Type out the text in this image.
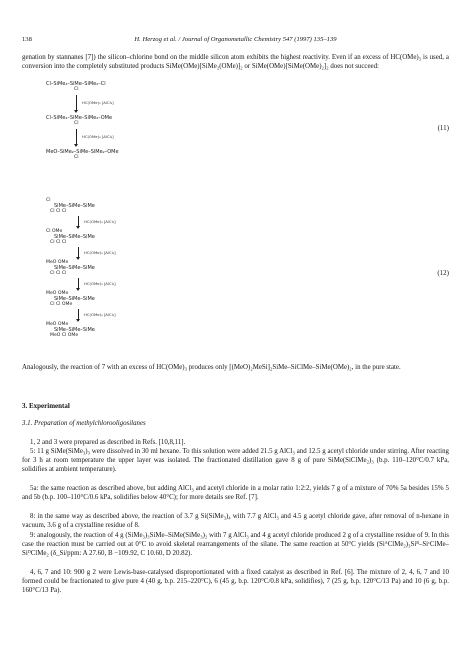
138	H. Herzog et al. / Journal of Organometallic Chemistry 547 (1997) 135–139

genation by stannanes [7]) the silicon–chlorine bond on the middle silicon atom exhibits the highest reactivity. Even if an excess of HC(OMe)₃ is used, a conversion into the completely substituted products SiMe(OMe)[SiMe₂(OMe)]₂ or SiMe(OMe)[SiMe(OMe)₂]₂ does not succeed:

Cl–SiMe₂–SiMe–SiMe₂–Cl
Cl
HC(OMe)₃ [AlCl₃]
Cl–SiMe₂–SiMe–SiMe₂–OMe
Cl
HC(OMe)₃ [AlCl₃]
MeO–SiMe₂–SiMe–SiMe₂–OMe
Cl
(11)
Cl
SiMe–SiMe–SiMe
Cl Cl Cl
HC(OMe)₃ [AlCl₃]
Cl OMe
SiMe–SiMe–SiMe
Cl Cl Cl
HC(OMe)₃ [AlCl₃]
MeO OMe
SiMe–SiMe–SiMe
Cl Cl Cl
HC(OMe)₃ [AlCl₃]
MeO OMe
SiMe–SiMe–SiMe
Cl Cl OMe
HC(OMe)₃ [AlCl₃]
MeO OMe
SiMe–SiMe–SiMe
MeO Cl OMe
(12)

Analogously, the reaction of 7 with an excess of HC(OMe)₃ produces only [(MeO)₂MeSi]₂SiMe–SiClMe–SiMe(OMe)₂, in the pure state.

3. Experimental
3.1. Preparation of methylchlorooligosilanes

1, 2 and 3 were prepared as described in Refs. [10,8,11].

5: 11 g SiMe(SiMe₃)₃ were dissolved in 30 ml hexane. To this solution were added 21.5 g AlCl₃ and 12.5 g acetyl chloride under stirring. After reacting for 3 h at room temperature the upper layer was isolated. The fractionated distillation gave 8 g of pure SiMe(SiClMe₂)₃ (b.p. 110–120°C/0.7 kPa, solidifies at ambient temperature).

5a: the same reaction as described above, but adding AlCl₃ and acetyl chloride in a molar ratio 1:2:2, yields 7 g of a mixture of 70% 5a besides 15% 5 and 5b (b.p. 100–110°C/0.6 kPa, solidifies below 40°C); for more details see Ref. [7].

8: in the same way as described above, the reaction of 3.7 g Si(SiMe₃)₄ with 7.7 g AlCl₃ and 4.5 g acetyl chloride gave, after removal of n-hexane in vacuum, 3.6 g of a crystalline residue of 8.

9: analogously, the reaction of 4 g (SiMe₃)₃SiMe–SiMe(SiMe₃)₂ with 7 g AlCl₃ and 4 g acetyl chloride produced 2 g of a crystalline residue of 9. In this case the reaction must be carried out at 0°C to avoid skeletal rearrangements of the silane. The same reaction at 50°C yields (SiᴬClMe₂)₃Siᴮ–SiᶜClMe–SiᴰClMe₂ (δ_Si/ppm: A 27.60, B −109.92, C 10.60, D 20.82).

4, 6, 7 and 10: 900 g 2 were Lewis-base-catalysed disproportionated with a fixed catalyst as described in Ref. [6]. The mixture of 2, 4, 6, 7 and 10 formed could be fractionated to give pure 4 (40 g, b.p. 215–220°C), 6 (45 g, b.p. 120°C/0.8 kPa, solidifies), 7 (25 g, b.p. 120°C/13 Pa) and 10 (6 g, b.p. 160°C/13 Pa).
